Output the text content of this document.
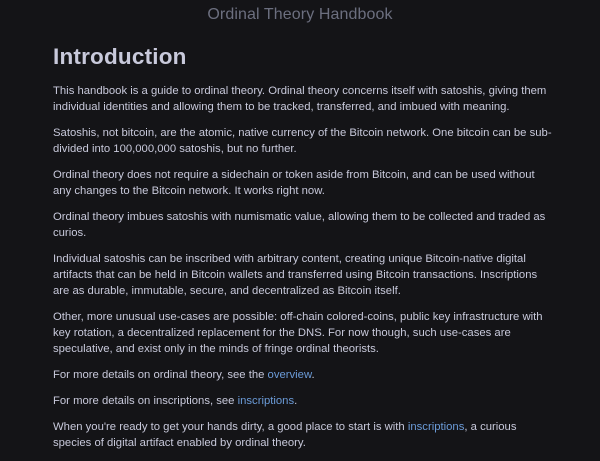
Ordinal Theory Handbook
Introduction

This handbook is a guide to ordinal theory. Ordinal theory concerns itself with satoshis, giving them individual identities and allowing them to be tracked, transferred, and imbued with meaning.

Satoshis, not bitcoin, are the atomic, native currency of the Bitcoin network. One bitcoin can be sub-divided into 100,000,000 satoshis, but no further.

Ordinal theory does not require a sidechain or token aside from Bitcoin, and can be used without any changes to the Bitcoin network. It works right now.

Ordinal theory imbues satoshis with numismatic value, allowing them to be collected and traded as curios.

Individual satoshis can be inscribed with arbitrary content, creating unique Bitcoin-native digital artifacts that can be held in Bitcoin wallets and transferred using Bitcoin transactions. Inscriptions are as durable, immutable, secure, and decentralized as Bitcoin itself.

Other, more unusual use-cases are possible: off-chain colored-coins, public key infrastructure with key rotation, a decentralized replacement for the DNS. For now though, such use-cases are speculative, and exist only in the minds of fringe ordinal theorists.

For more details on ordinal theory, see the overview.

For more details on inscriptions, see inscriptions.

When you're ready to get your hands dirty, a good place to start is with inscriptions, a curious species of digital artifact enabled by ordinal theory.
